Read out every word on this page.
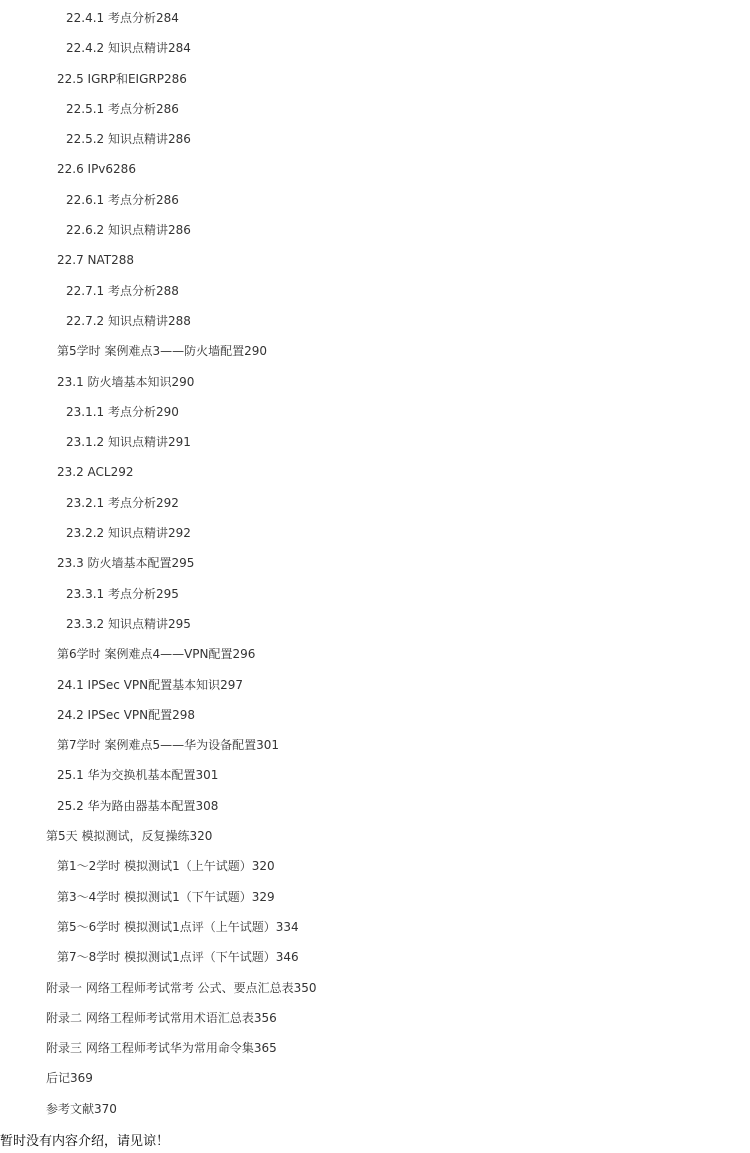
22.4.1 考点分析284
22.4.2 知识点精讲284
22.5 IGRP和EIGRP286
22.5.1 考点分析286
22.5.2 知识点精讲286
22.6 IPv6286
22.6.1 考点分析286
22.6.2 知识点精讲286
22.7 NAT288
22.7.1 考点分析288
22.7.2 知识点精讲288
第5学时 案例难点3——防火墙配置290
23.1 防火墙基本知识290
23.1.1 考点分析290
23.1.2 知识点精讲291
23.2 ACL292
23.2.1 考点分析292
23.2.2 知识点精讲292
23.3 防火墙基本配置295
23.3.1 考点分析295
23.3.2 知识点精讲295
第6学时 案例难点4——VPN配置296
24.1 IPSec VPN配置基本知识297
24.2 IPSec VPN配置298
第7学时 案例难点5——华为设备配置301
25.1 华为交换机基本配置301
25.2 华为路由器基本配置308
第5天 模拟测试，反复操练320
第1～2学时 模拟测试1（上午试题）320
第3～4学时 模拟测试1（下午试题）329
第5～6学时 模拟测试1点评（上午试题）334
第7～8学时 模拟测试1点评（下午试题）346
附录一 网络工程师考试常考 公式、要点汇总表350
附录二 网络工程师考试常用术语汇总表356
附录三 网络工程师考试华为常用命令集365
后记369
参考文献370
暂时没有内容介绍，请见谅！
